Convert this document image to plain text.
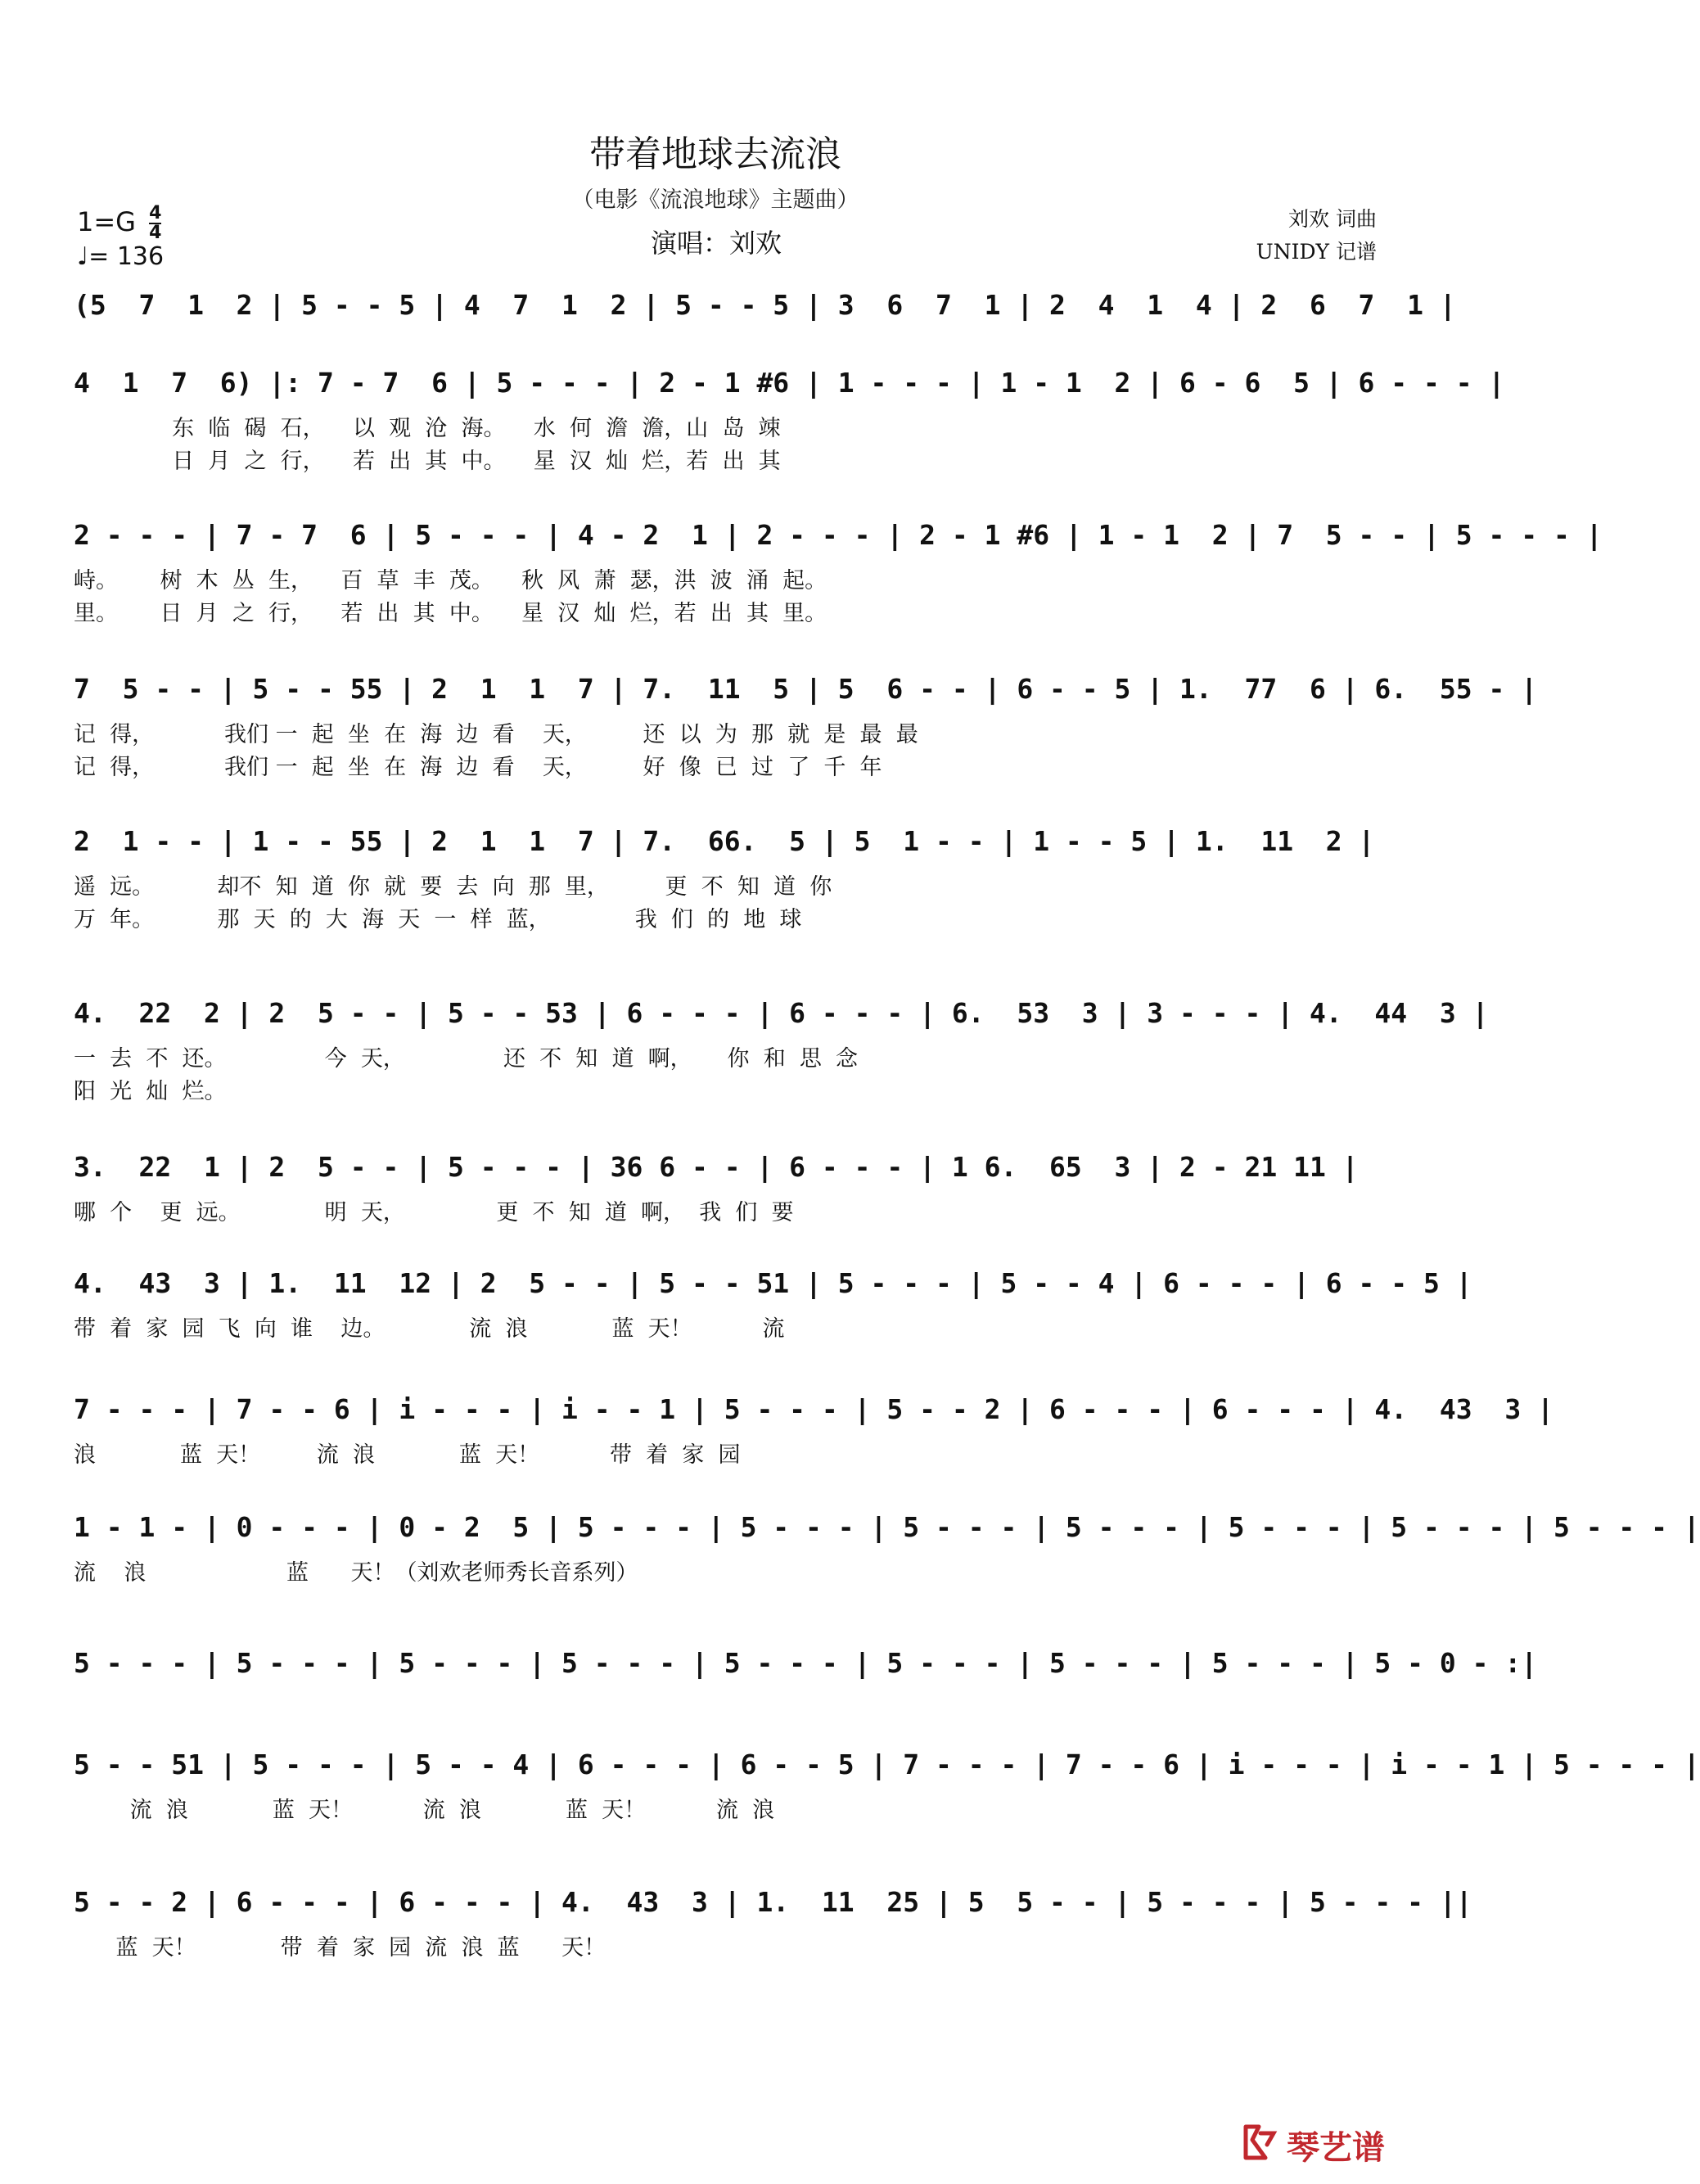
带着地球去流浪
（电影《流浪地球》主题曲）
演唱：刘欢
$1=G \frac{4}{4}$
♩= 136
刘欢 词曲
UNIDY 记谱
(5  7  1  2 | 5 - - 5 | 4  7  1  2 | 5 - - 5 | 3  6  7  1 | 2  4  1  4 | 2  6  7  1 |
4  1  7  6) |: 7 - 7  6 | 5 - - - | 2 - 1 #6 | 1 - - - | 1 - 1  2 | 6 - 6  5 | 6 - - - |
东  临  碣  石，    以  观  沧  海。    水  何  澹  澹，山  岛  竦
日  月  之  行，    若  出  其  中。    星  汉  灿  烂，若  出  其
2 - - - | 7 - 7  6 | 5 - - - | 4 - 2  1 | 2 - - - | 2 - 1 #6 | 1 - 1  2 | 7  5 - - | 5 - - - |
峙。      树  木  丛  生，    百  草  丰  茂。    秋  风  萧  瑟，洪  波  涌  起。
里。      日  月  之  行，    若  出  其  中。    星  汉  灿  烂，若  出  其  里。
7  5 - - | 5 - - 55 | 2  1  1  7 | 7.  11  5 | 5  6 - - | 6 - - 5 | 1.  77  6 | 6.  55 - |
记  得，          我们 一  起  坐  在  海  边  看    天，        还  以  为  那  就  是  最  最
记  得，          我们 一  起  坐  在  海  边  看    天，        好  像  已  过  了  千  年
2  1 - - | 1 - - 55 | 2  1  1  7 | 7.  66.  5 | 5  1 - - | 1 - - 5 | 1.  11  2 |
遥  远。         却不  知  道  你  就  要  去  向  那  里，        更  不  知  道  你
万  年。         那  天  的  大  海  天  一  样  蓝，            我  们  的  地  球
4.  22  2 | 2  5 - - | 5 - - 53 | 6 - - - | 6 - - - | 6.  53  3 | 3 - - - | 4.  44  3 |
一  去  不  还。              今  天，              还  不  知  道  啊，     你  和  思  念
阳  光  灿  烂。
3.  22  1 | 2  5 - - | 5 - - - | 36 6 - - | 6 - - - | 1 6.  65  3 | 2 - 21 11 |
哪  个    更  远。            明  天，             更  不  知  道  啊，  我  们  要
4.  43  3 | 1.  11  12 | 2  5 - - | 5 - - 51 | 5 - - - | 5 - - 4 | 6 - - - | 6 - - 5 |
带  着  家  园  飞  向  谁    边。            流  浪            蓝  天！          流
7 - - - | 7 - - 6 | i - - - | i - - 1 | 5 - - - | 5 - - 2 | 6 - - - | 6 - - - | 4.  43  3 |
浪            蓝  天！        流  浪            蓝  天！          带  着  家  园
1 - 1 - | 0 - - - | 0 - 2  5 | 5 - - - | 5 - - - | 5 - - - | 5 - - - | 5 - - - | 5 - - - | 5 - - - |
流    浪                    蓝      天！（刘欢老师秀长音系列）
5 - - - | 5 - - - | 5 - - - | 5 - - - | 5 - - - | 5 - - - | 5 - - - | 5 - - - | 5 - 0 - :|
5 - - 51 | 5 - - - | 5 - - 4 | 6 - - - | 6 - - 5 | 7 - - - | 7 - - 6 | i - - - | i - - 1 | 5 - - - |
流  浪            蓝  天！          流  浪            蓝  天！          流  浪
5 - - 2 | 6 - - - | 6 - - - | 4.  43  3 | 1.  11  25 | 5  5 - - | 5 - - - | 5 - - - ||
蓝  天！            带  着  家  园  流  浪  蓝      天！
琴艺谱
